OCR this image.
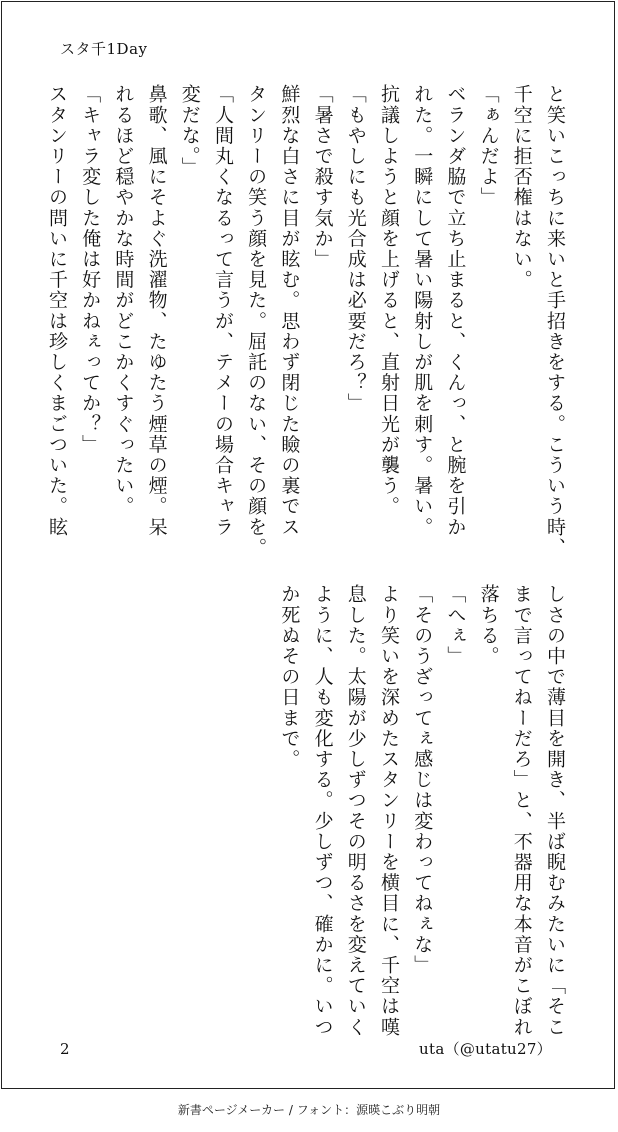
スタ千1Day
と笑いこっちに来いと手招きをする。こういう時、
千空に拒否権はない。
「ぁんだよ」
ベランダ脇で立ち止まると、くんっ、と腕を引か
れた。一瞬にして暑い陽射しが肌を刺す。暑い。
抗議しようと顔を上げると、直射日光が襲う。
「もやしにも光合成は必要だろ？」
「暑さで殺す気か」
鮮烈な白さに目が眩む。思わず閉じた瞼の裏でス
タンリーの笑う顔を見た。屈託のない、その顔を。
「人間丸くなるって言うが、テメーの場合キャラ
変だな。」
鼻歌、風にそよぐ洗濯物、たゆたう煙草の煙。呆
れるほど穏やかな時間がどこかくすぐったい。
「キャラ変した俺は好かねぇってか？」
スタンリーの問いに千空は珍しくまごついた。眩
しさの中で薄目を開き、半ば睨むみたいに「そこ
まで言ってねーだろ」と、不器用な本音がこぼれ
落ちる。
「へぇ」
「そのうざってぇ感じは変わってねぇな」
より笑いを深めたスタンリーを横目に、千空は嘆
息した。太陽が少しずつその明るさを変えていく
ように、人も変化する。少しずつ、確かに。いつ
か死ぬその日まで。
2	uta（@utatu27）
新書ページメーカー / フォント：源暎こぶり明朝
